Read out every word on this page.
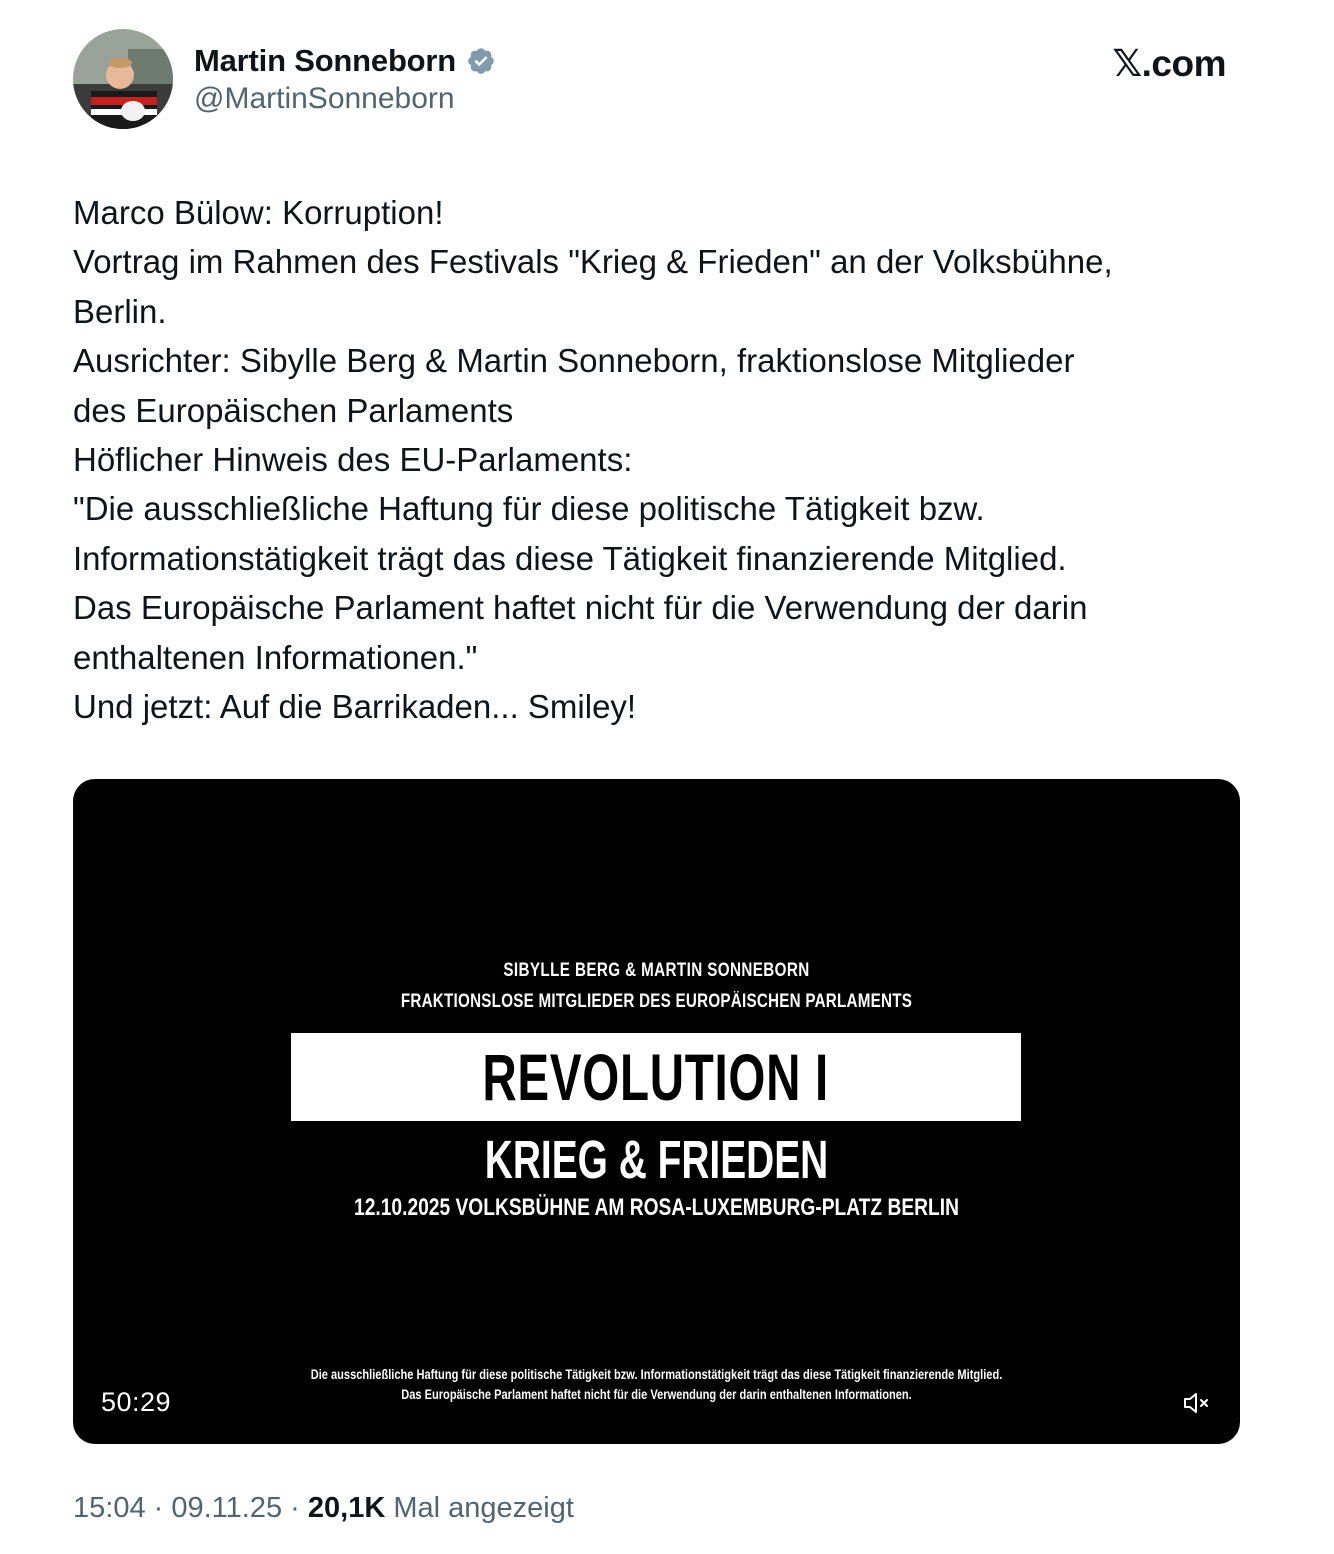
Martin Sonneborn
@MartinSonneborn
𝕏.com
Marco Bülow: Korruption!
Vortrag im Rahmen des Festivals "Krieg & Frieden" an der Volksbühne,
Berlin.
Ausrichter: Sibylle Berg & Martin Sonneborn, fraktionslose Mitglieder
des Europäischen Parlaments
Höflicher Hinweis des EU-Parlaments:
"Die ausschließliche Haftung für diese politische Tätigkeit bzw.
Informationstätigkeit trägt das diese Tätigkeit finanzierende Mitglied.
Das Europäische Parlament haftet nicht für die Verwendung der darin
enthaltenen Informationen."
Und jetzt: Auf die Barrikaden... Smiley!
SIBYLLE BERG & MARTIN SONNEBORN
FRAKTIONSLOSE MITGLIEDER DES EUROPÄISCHEN PARLAMENTS
REVOLUTION I
KRIEG & FRIEDEN
12.10.2025 VOLKSBÜHNE AM ROSA-LUXEMBURG-PLATZ BERLIN
Die ausschließliche Haftung für diese politische Tätigkeit bzw. Informationstätigkeit trägt das diese Tätigkeit finanzierende Mitglied.
Das Europäische Parlament haftet nicht für die Verwendung der darin enthaltenen Informationen.
50:29
15:04 · 09.11.25 · 20,1K Mal angezeigt
